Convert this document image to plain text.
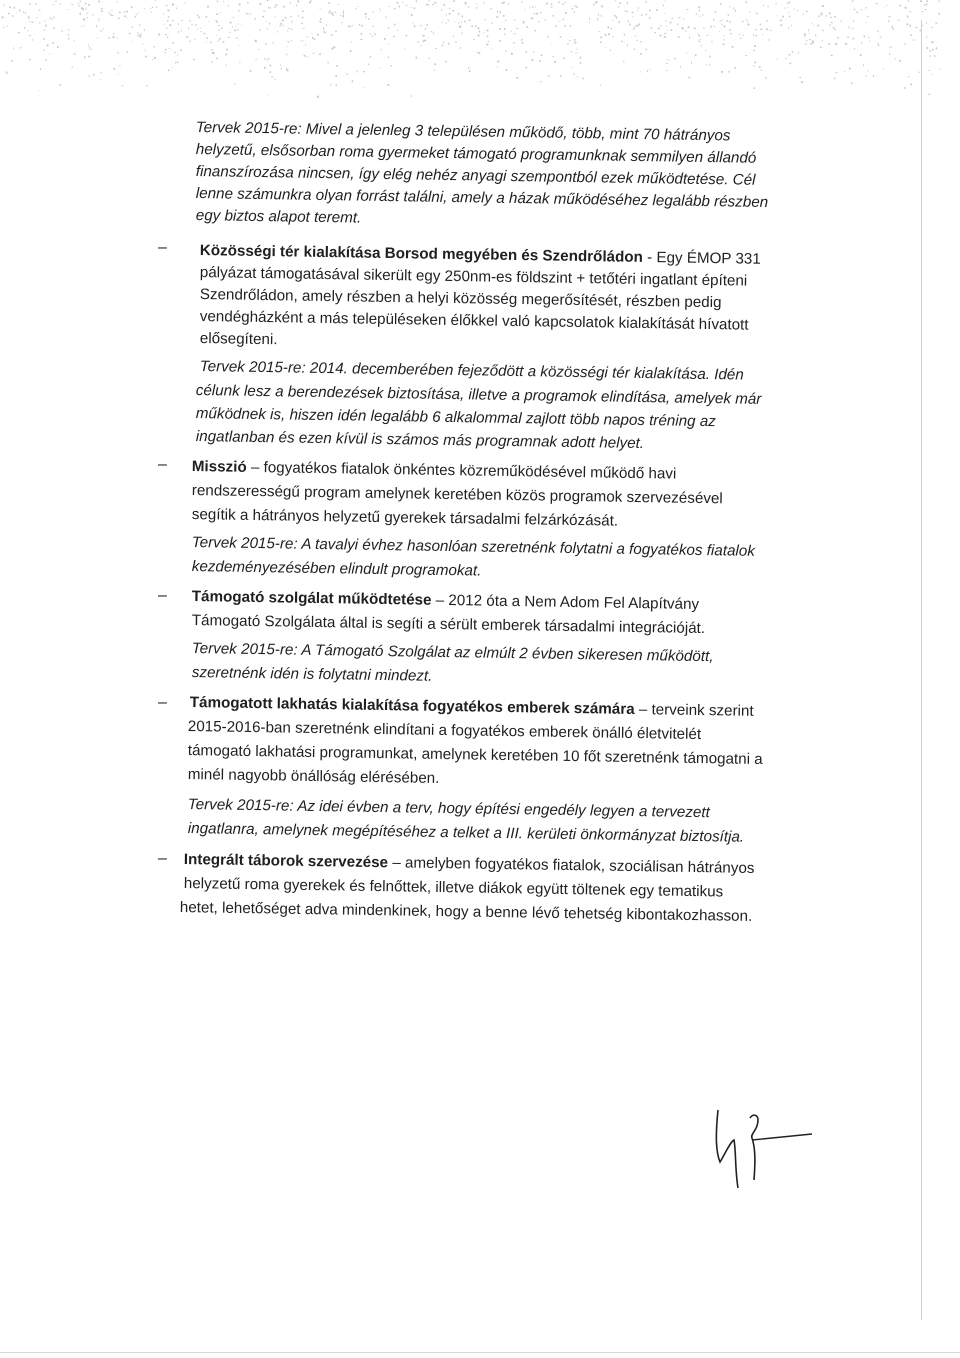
Tervek 2015-re: Mivel a jelenleg 3 településen működő, több, mint 70 hátrányos
helyzetű, elsősorban roma gyermeket támogató programunknak semmilyen állandó
finanszírozása nincsen, így elég nehéz anyagi szempontból ezek működtetése. Cél
lenne számunkra olyan forrást találni, amely a házak működéséhez legalább részben
egy biztos alapot teremt.
– Közösségi tér kialakítása Borsod megyében és Szendrőládon - Egy ÉMOP 331
pályázat támogatásával sikerült egy 250nm-es földszint + tetőtéri ingatlant építeni
Szendrőládon, amely részben a helyi közösség megerősítését, részben pedig
vendégházként a más településeken élőkkel való kapcsolatok kialakítását hívatott
elősegíteni.
Tervek 2015-re: 2014. decemberében fejeződött a közösségi tér kialakítása. Idén
célunk lesz a berendezések biztosítása, illetve a programok elindítása, amelyek már
működnek is, hiszen idén legalább 6 alkalommal zajlott több napos tréning az
ingatlanban és ezen kívül is számos más programnak adott helyet.
– Misszió – fogyatékos fiatalok önkéntes közreműködésével működő havi
rendszerességű program amelynek keretében közös programok szervezésével
segítik a hátrányos helyzetű gyerekek társadalmi felzárkózását.
Tervek 2015-re: A tavalyi évhez hasonlóan szeretnénk folytatni a fogyatékos fiatalok
kezdeményezésében elindult programokat.
– Támogató szolgálat működtetése – 2012 óta a Nem Adom Fel Alapítvány
Támogató Szolgálata által is segíti a sérült emberek társadalmi integrációját.
Tervek 2015-re: A Támogató Szolgálat az elmúlt 2 évben sikeresen működött,
szeretnénk idén is folytatni mindezt.
– Támogatott lakhatás kialakítása fogyatékos emberek számára – terveink szerint
2015-2016-ban szeretnénk elindítani a fogyatékos emberek önálló életvitelét
támogató lakhatási programunkat, amelynek keretében 10 főt szeretnénk támogatni a
minél nagyobb önállóság elérésében.
Tervek 2015-re: Az idei évben a terv, hogy építési engedély legyen a tervezett
ingatlanra, amelynek megépítéséhez a telket a III. kerületi önkormányzat biztosítja.
– Integrált táborok szervezése – amelyben fogyatékos fiatalok, szociálisan hátrányos
helyzetű roma gyerekek és felnőttek, illetve diákok együtt töltenek egy tematikus
hetet, lehetőséget adva mindenkinek, hogy a benne lévő tehetség kibontakozhasson.
